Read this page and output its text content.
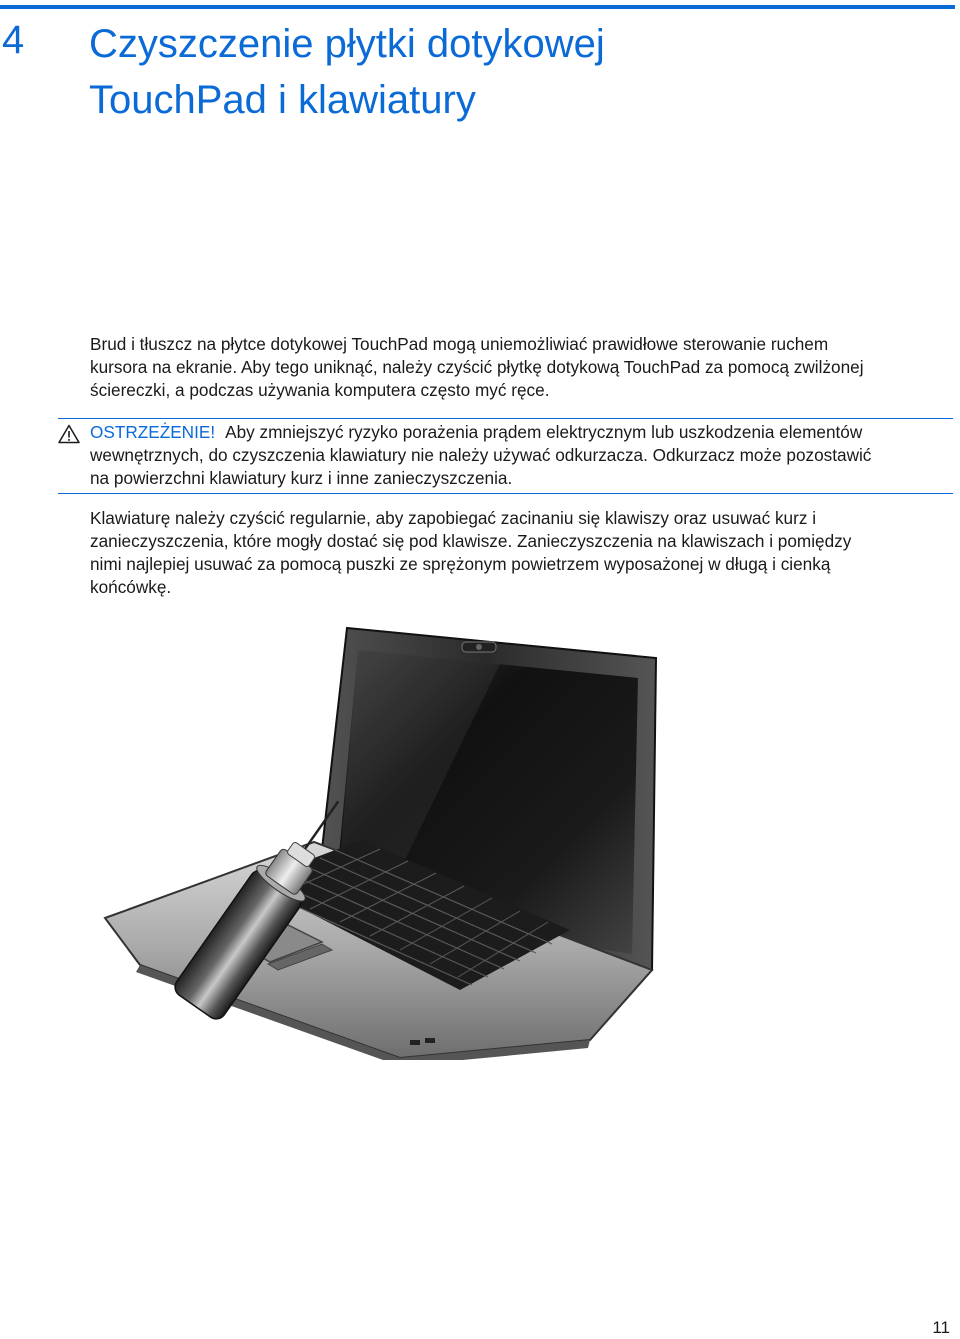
4 Czyszczenie płytki dotykowej
TouchPad i klawiatury

Brud i tłuszcz na płytce dotykowej TouchPad mogą uniemożliwiać prawidłowe sterowanie ruchem
kursora na ekranie. Aby tego uniknąć, należy czyścić płytkę dotykową TouchPad za pomocą zwilżonej
ściereczki, a podczas używania komputera często myć ręce.

OSTRZEŻENIE! Aby zmniejszyć ryzyko porażenia prądem elektrycznym lub uszkodzenia elementów
wewnętrznych, do czyszczenia klawiatury nie należy używać odkurzacza. Odkurzacz może pozostawić
na powierzchni klawiatury kurz i inne zanieczyszczenia.

Klawiaturę należy czyścić regularnie, aby zapobiegać zacinaniu się klawiszy oraz usuwać kurz i
zanieczyszczenia, które mogły dostać się pod klawisze. Zanieczyszczenia na klawiszach i pomiędzy
nimi najlepiej usuwać za pomocą puszki ze sprężonym powietrzem wyposażonej w długą i cienką
końcówkę.

11
